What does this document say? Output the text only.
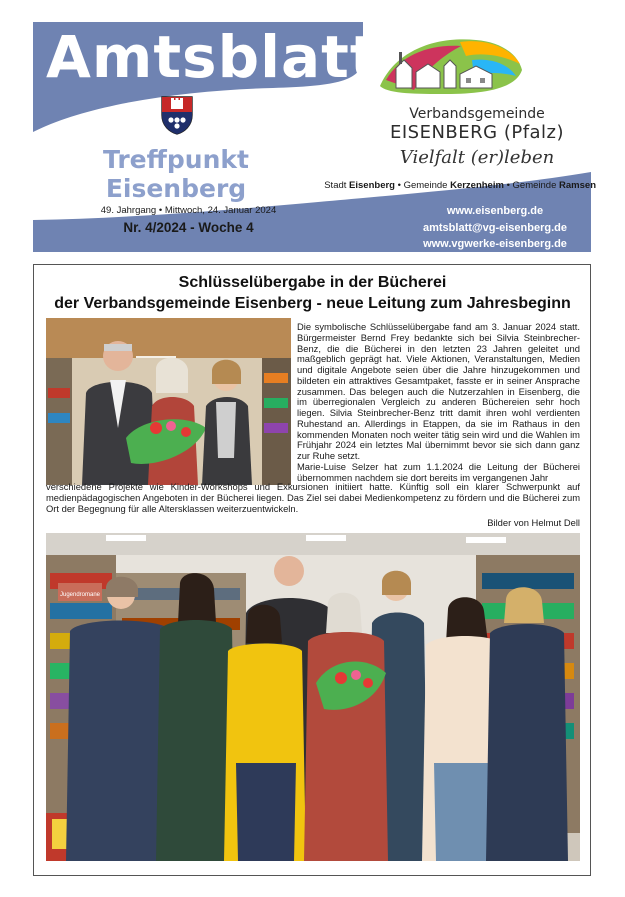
Amtsblatt
Treffpunkt
Eisenberg
49. Jahrgang • Mittwoch, 24. Januar 2024
Nr. 4/2024 - Woche 4
Verbandsgemeinde
EISENBERG (Pfalz)
Vielfalt (er)leben
Stadt Eisenberg • Gemeinde Kerzenheim • Gemeinde Ramsen
www.eisenberg.de
amtsblatt@vg-eisenberg.de
www.vgwerke-eisenberg.de
Schlüsselübergabe in der Bücherei
der Verbandsgemeinde Eisenberg - neue Leitung zum Jahresbeginn
Die symbolische Schlüsselübergabe fand am 3. Januar 2024 statt. Bürgermeister Bernd Frey bedankte sich bei Silvia Steinbrecher-Benz, die die Bücherei in den letzten 23 Jahren geleitet und maßgeblich geprägt hat. Viele Aktionen, Veranstaltungen, Medien und digitale Angebote seien über die Jahre hinzugekommen und bildeten ein attraktives Gesamtpaket, fasste er in seiner Ansprache zusammen. Das belegen auch die Nutzerzahlen in Eisenberg, die im überregionalen Vergleich zu anderen Büchereien sehr hoch liegen. Silvia Steinbrecher-Benz tritt damit ihren wohl verdienten Ruhestand an. Allerdings in Etappen, da sie im Rathaus in den kommenden Monaten noch weiter tätig sein wird und die Wahlen im Frühjahr 2024 ein letztes Mal übernimmt bevor sie sich dann ganz zur Ruhe setzt.
Marie-Luise Selzer hat zum 1.1.2024 die Leitung der Bücherei übernommen nachdem sie dort bereits im vergangenen Jahr
verschiedene Projekte wie Kinder-Workshops und Exkursionen initiiert hatte. Künftig soll ein klarer Schwerpunkt auf medienpädagogischen Angeboten in der Bücherei liegen. Das Ziel sei dabei Medienkompetenz zu fördern und die Bücherei zum Ort der Begegnung für alle Altersklassen weiterzuentwickeln.
Bilder von Helmut Dell
Jugendromane
